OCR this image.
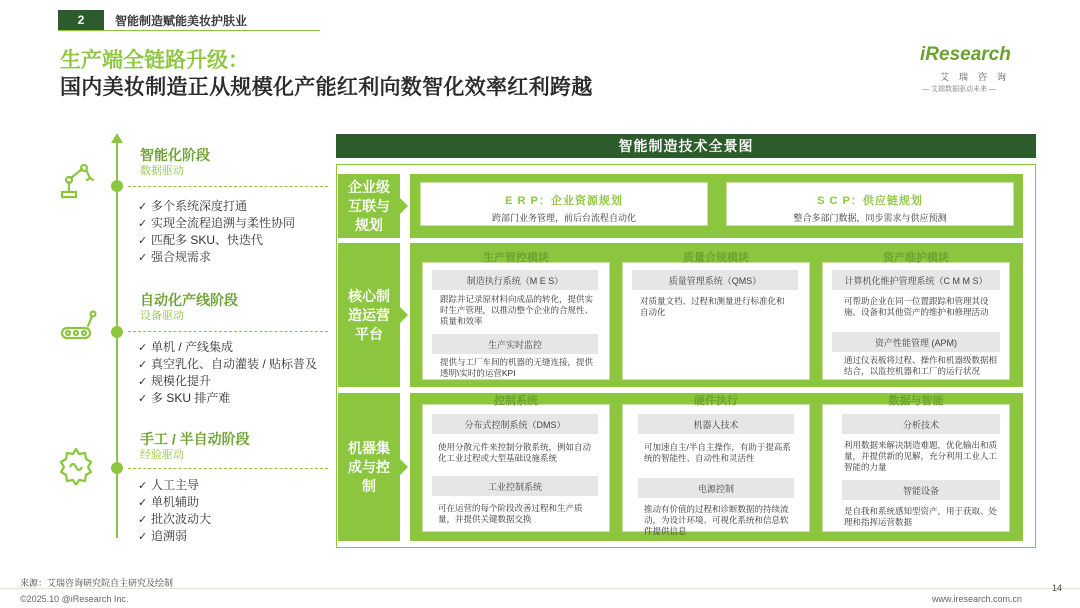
2	智能制造赋能美妆护肤业
生产端全链路升级：
国内美妆制造正从规模化产能红利向数智化效率红利跨越
iResearch
艾瑞咨询
— 艾瑞数据驱动未来 —
智能化阶段
数据驱动
✓ 多个系统深度打通
✓ 实现全流程追溯与柔性协同
✓ 匹配多 SKU、快迭代
✓ 强合规需求
自动化产线阶段
设备驱动
✓ 单机 / 产线集成
✓ 真空乳化、自动灌装 / 贴标普及
✓ 规模化提升
✓ 多 SKU 排产难
手工 / 半自动阶段
经验驱动
✓ 人工主导
✓ 单机辅助
✓ 批次波动大
✓ 追溯弱
智能制造技术全景图
企业级
互联与
规划
E R P：企业资源规划
跨部门业务管理，前后台流程自动化
S C P：供应链规划
整合多部门数据，同步需求与供应预测
核心制
造运营
平台
生产管控模块
制造执行系统（M E S）
跟踪并记录原材料向成品的转化，提供实时生产管理，以推动整个企业的合规性、质量和效率
生产实时监控
提供与工厂车间的机器的无缝连接，提供透明\实时的运营KPI
质量合规模块
质量管理系统（QMS）
对质量文档、过程和测量进行标准化和自动化
资产维护模块
计算机化维护管理系统（C M M S）
可帮助企业在同一位置跟踪和管理其设施、设备和其他资产的维护和修理活动
资产性能管理 (APM)
通过仪表板将过程、操作和机器级数据相结合，以监控机器和工厂的运行状况
机器集
成与控
制
控制系统
分布式控制系统（DMS）
使用分散元件来控制分散系统，例如自动化工业过程或大型基础设施系统
工业控制系统
可在运营的每个阶段改善过程和生产质量，并提供关键数据交换
硬件执行
机器人技术
可加速自主/半自主操作，有助于提高系统的智能性、自动性和灵活性
电源控制
推动有价值的过程和诊断数据的持续流动，为设计环境、可视化系统和信息软件提供信息
数据与智能
分析技术
利用数据来解决制造难题，优化输出和质量，并提供新的见解，充分利用工业人工智能的力量
智能设备
是自我和系统感知型资产，用于获取、处理和指挥运营数据
来源：艾瑞咨询研究院自主研究及绘制
©2025.10 @iResearch Inc.	www.iresearch.com.cn
14
